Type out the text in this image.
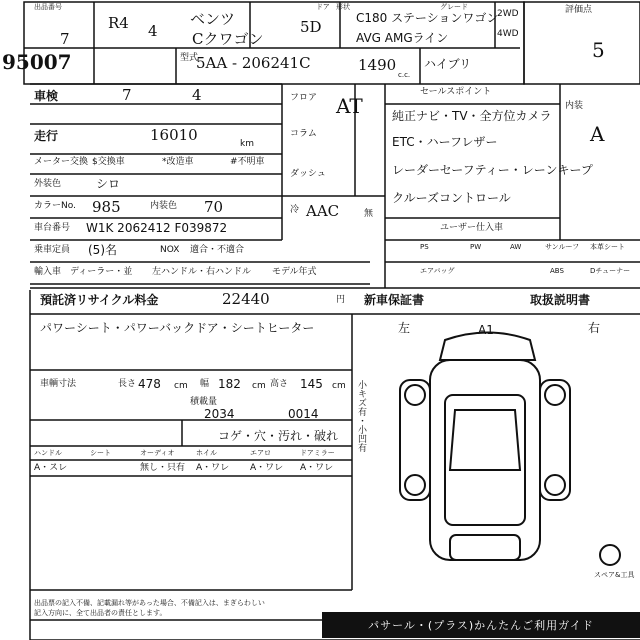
出品番号
7
95007
R4 4
ベンツ
Cクワゴン
ドア 形状
5D
グレード
C180 ステーションワゴン
AVG AMGライン
2WD
4WD
評価点
5
型式
5AA - 206241C	1490
c.c.
ハイブリ
車検	7	4
走行	16010	km
メーター交換 $交換車	*改造車	#不明車
外装色	シロ
カラーNo. 985	内装色 70
車台番号 W1K 2062412 F039872
乗車定員 (5)名	NOX 適合・不適合
輸入車 ディーラー・並 左ハンドル・右ハンドル モデル年式
預託済リサイクル料金	22440	円 新車保証書	取扱説明書
フロア
コラム
ダッシュ
AT
冷 AAC	無
セールスポイント
純正ナビ・TV・全方位カメラ
ETC・ハーフレザー
レーダーセーフティー・レーンキープ
クルーズコントロール
ユーザー仕入車
PS	PW	AW	サンルーフ 本革シート
エアバッグ	ABS	Dチューナー
内装
A
パワーシート・パワーバックドア・シートヒーター
車輌寸法	長さ 478 cm 幅 182 cm 高さ 145 cm
積載量
2034	0014
コゲ・穴・汚れ・破れ
ハンドル	シート	オーディオ	ホイル	エアロ	ドアミラー
A・スレ	無し・只有 A・ワレ A・ワレ A・ワレ
小キズ有・小凹有
左	右
A1
スペア&工具
出品票の記入不備、記載漏れ等があった場合、不備記入は、まぎらわしい
記入方向に、全て出品者の責任とします。
パサール・(プラス)かんたんご利用ガイド
